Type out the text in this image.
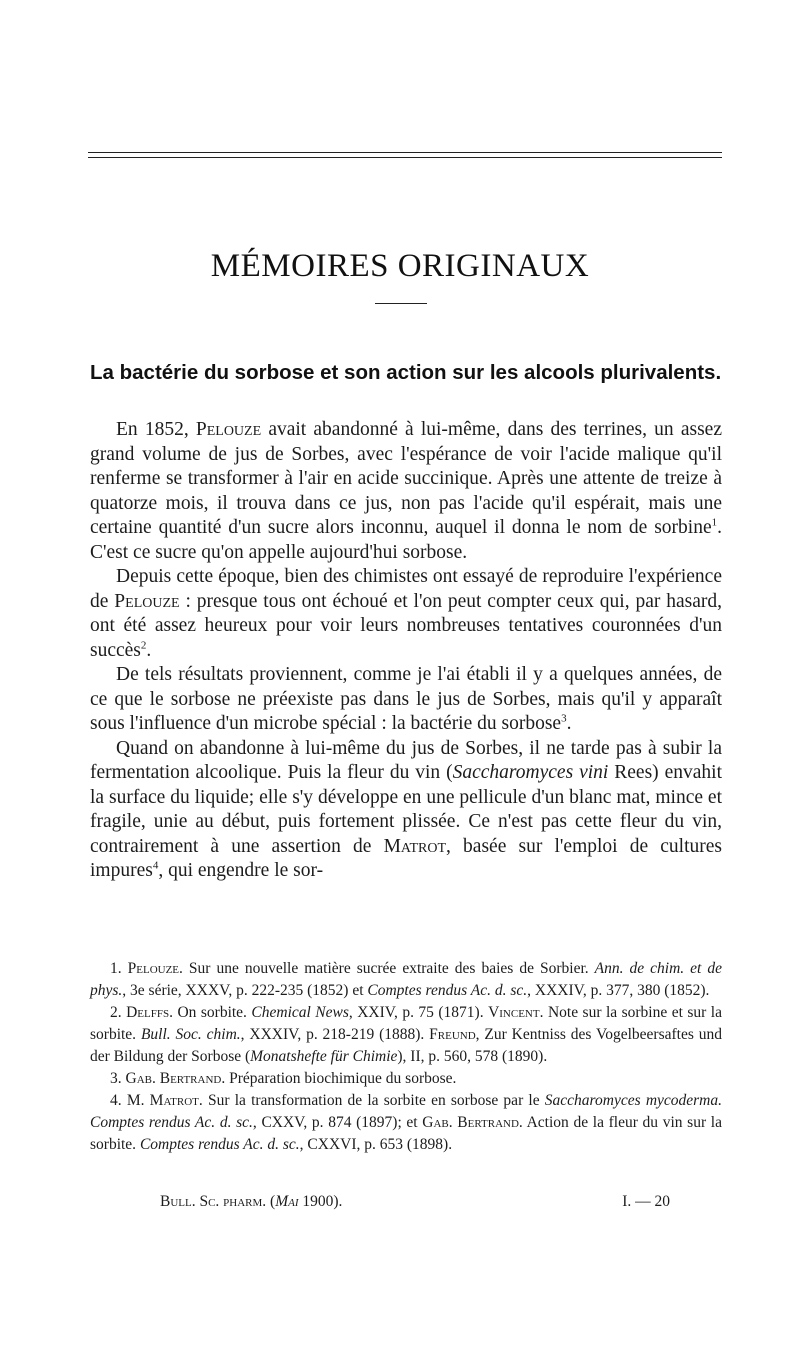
MÉMOIRES ORIGINAUX
La bactérie du sorbose et son action sur les alcools plurivalents.

En 1852, Pelouze avait abandonné à lui-même, dans des terrines, un assez grand volume de jus de Sorbes, avec l'espérance de voir l'acide malique qu'il renferme se transformer à l'air en acide succinique. Après une attente de treize à quatorze mois, il trouva dans ce jus, non pas l'acide qu'il espérait, mais une certaine quantité d'un sucre alors inconnu, auquel il donna le nom de sorbine$^1$. C'est ce sucre qu'on appelle aujourd'hui sorbose.

Depuis cette époque, bien des chimistes ont essayé de reproduire l'expérience de Pelouze : presque tous ont échoué et l'on peut compter ceux qui, par hasard, ont été assez heureux pour voir leurs nombreuses tentatives couronnées d'un succès$^2$.

De tels résultats proviennent, comme je l'ai établi il y a quelques années, de ce que le sorbose ne préexiste pas dans le jus de Sorbes, mais qu'il y apparaît sous l'influence d'un microbe spécial : la bactérie du sorbose$^3$.

Quand on abandonne à lui-même du jus de Sorbes, il ne tarde pas à subir la fermentation alcoolique. Puis la fleur du vin (Saccharomyces vini Rees) envahit la surface du liquide; elle s'y développe en une pellicule d'un blanc mat, mince et fragile, unie au début, puis fortement plissée. Ce n'est pas cette fleur du vin, contrairement à une assertion de Matrot, basée sur l'emploi de cultures impures$^4$, qui engendre le sor-

1. Pelouze. Sur une nouvelle matière sucrée extraite des baies de Sorbier. Ann. de chim. et de phys., 3e série, XXXV, p. 222-235 (1852) et Comptes rendus Ac. d. sc., XXXIV, p. 377, 380 (1852).

2. Delffs. On sorbite. Chemical News, XXIV, p. 75 (1871). Vincent. Note sur la sorbine et sur la sorbite. Bull. Soc. chim., XXXIV, p. 218-219 (1888). Freund, Zur Kentniss des Vogelbeersaftes und der Bildung der Sorbose (Monatshefte für Chimie), II, p. 560, 578 (1890).

3. Gab. Bertrand. Préparation biochimique du sorbose.

4. M. Matrot. Sur la transformation de la sorbite en sorbose par le Saccharomyces mycoderma. Comptes rendus Ac. d. sc., CXXV, p. 874 (1897); et Gab. Bertrand. Action de la fleur du vin sur la sorbite. Comptes rendus Ac. d. sc., CXXVI, p. 653 (1898).

Bull. Sc. pharm. (Mai 1900).	I. — 20
